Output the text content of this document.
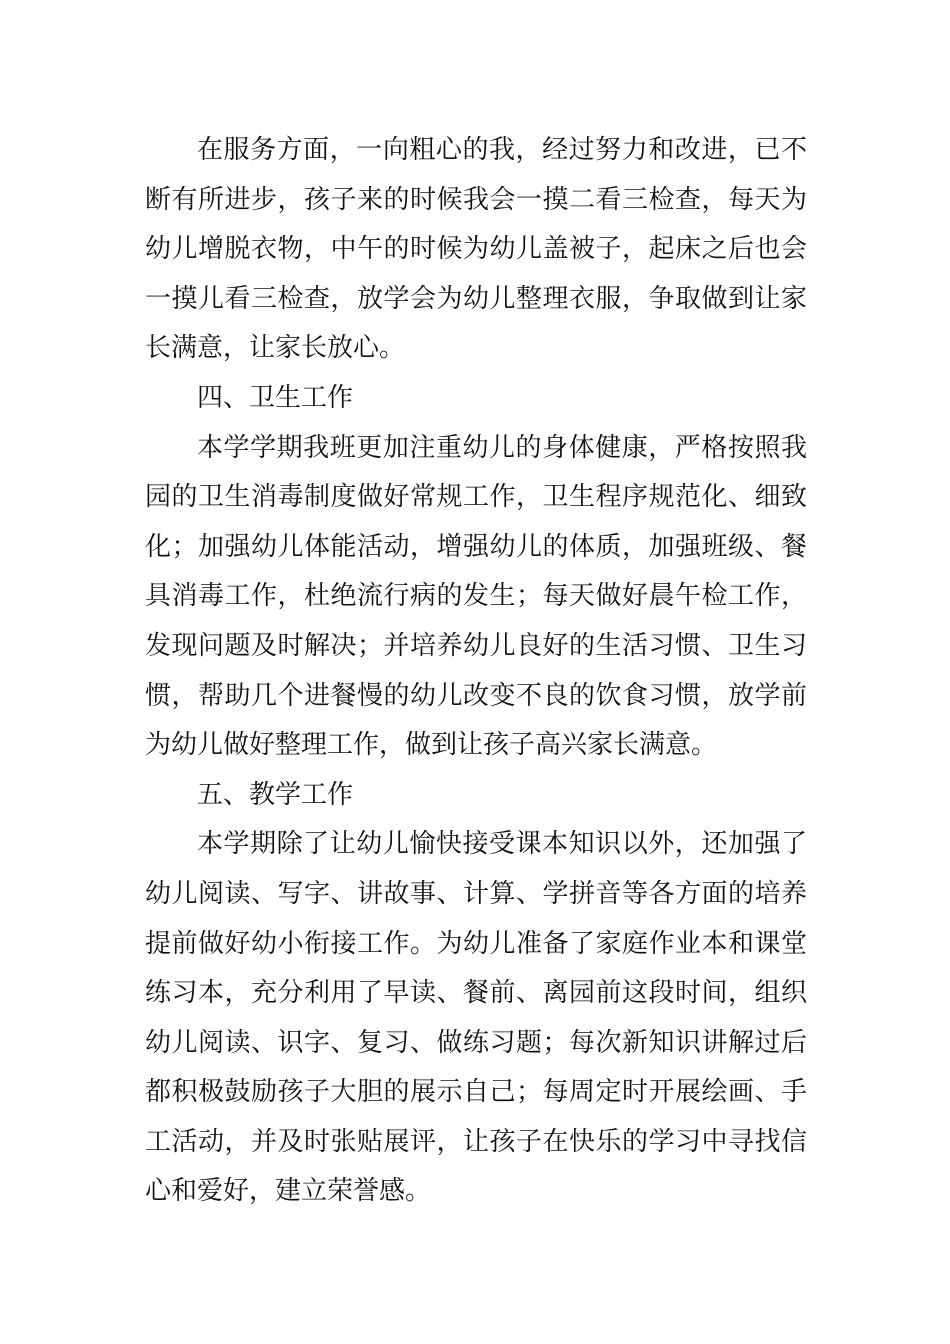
在服务方面，一向粗心的我，经过努力和改进，已不断有所进步，孩子来的时候我会一摸二看三检查，每天为幼儿增脱衣物，中午的时候为幼儿盖被子，起床之后也会一摸儿看三检查，放学会为幼儿整理衣服，争取做到让家长满意，让家长放心。

四、卫生工作

本学学期我班更加注重幼儿的身体健康，严格按照我园的卫生消毒制度做好常规工作，卫生程序规范化、细致化；加强幼儿体能活动，增强幼儿的体质，加强班级、餐具消毒工作，杜绝流行病的发生；每天做好晨午检工作，发现问题及时解决；并培养幼儿良好的生活习惯、卫生习惯，帮助几个进餐慢的幼儿改变不良的饮食习惯，放学前为幼儿做好整理工作，做到让孩子高兴家长满意。

五、教学工作

本学期除了让幼儿愉快接受课本知识以外，还加强了幼儿阅读、写字、讲故事、计算、学拼音等各方面的培养提前做好幼小衔接工作。为幼儿准备了家庭作业本和课堂练习本，充分利用了早读、餐前、离园前这段时间，组织幼儿阅读、识字、复习、做练习题；每次新知识讲解过后都积极鼓励孩子大胆的展示自己；每周定时开展绘画、手工活动，并及时张贴展评，让孩子在快乐的学习中寻找信心和爱好，建立荣誉感。
